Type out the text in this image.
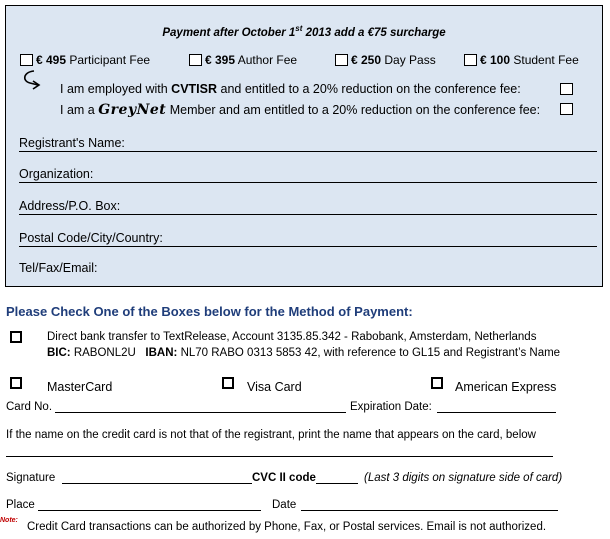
Payment after October 1st 2013 add a €75 surcharge
€ 495 Participant Fee	€ 395 Author Fee	€ 250 Day Pass	€ 100 Student Fee
I am employed with CVTISR and entitled to a 20% reduction on the conference fee:
I am a GreyNet Member and am entitled to a 20% reduction on the conference fee:
Registrant's Name:
Organization:
Address/P.O. Box:
Postal Code/City/Country:
Tel/Fax/Email:
Please Check One of the Boxes below for the Method of Payment:
Direct bank transfer to TextRelease, Account 3135.85.342 - Rabobank, Amsterdam, Netherlands
BIC: RABONL2U IBAN: NL70 RABO 0313 5853 42, with reference to GL15 and Registrant’s Name
MasterCard	Visa Card	American Express
Card No.	Expiration Date:
If the name on the credit card is not that of the registrant, print the name that appears on the card, below
Signature	CVC II code	(Last 3 digits on signature side of card)
Place	Date
Note:
Credit Card transactions can be authorized by Phone, Fax, or Postal services. Email is not authorized.
